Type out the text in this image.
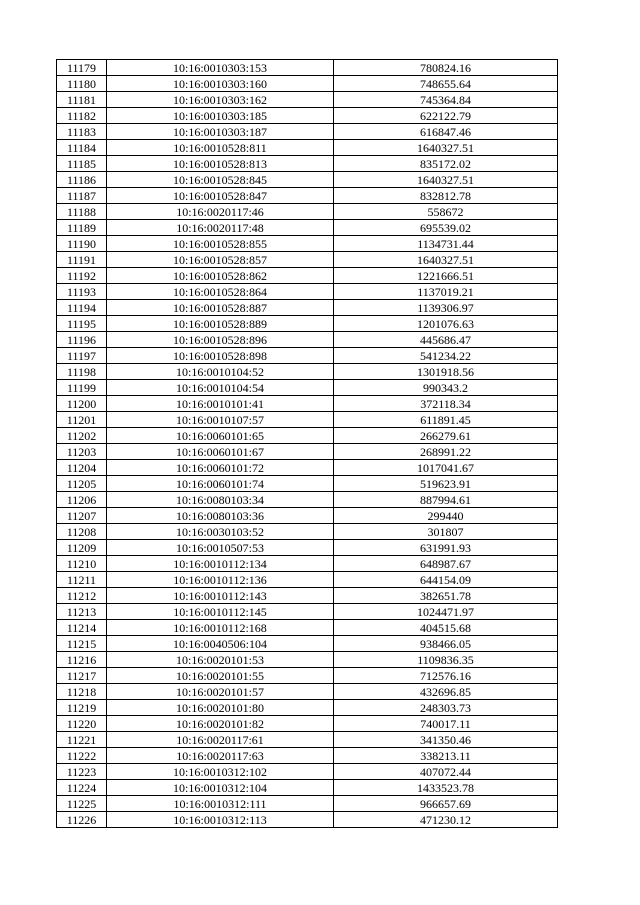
11179	10:16:0010303:153	780824.16
11180	10:16:0010303:160	748655.64
11181	10:16:0010303:162	745364.84
11182	10:16:0010303:185	622122.79
11183	10:16:0010303:187	616847.46
11184	10:16:0010528:811	1640327.51
11185	10:16:0010528:813	835172.02
11186	10:16:0010528:845	1640327.51
11187	10:16:0010528:847	832812.78
11188	10:16:0020117:46	558672
11189	10:16:0020117:48	695539.02
11190	10:16:0010528:855	1134731.44
11191	10:16:0010528:857	1640327.51
11192	10:16:0010528:862	1221666.51
11193	10:16:0010528:864	1137019.21
11194	10:16:0010528:887	1139306.97
11195	10:16:0010528:889	1201076.63
11196	10:16:0010528:896	445686.47
11197	10:16:0010528:898	541234.22
11198	10:16:0010104:52	1301918.56
11199	10:16:0010104:54	990343.2
11200	10:16:0010101:41	372118.34
11201	10:16:0010107:57	611891.45
11202	10:16:0060101:65	266279.61
11203	10:16:0060101:67	268991.22
11204	10:16:0060101:72	1017041.67
11205	10:16:0060101:74	519623.91
11206	10:16:0080103:34	887994.61
11207	10:16:0080103:36	299440
11208	10:16:0030103:52	301807
11209	10:16:0010507:53	631991.93
11210	10:16:0010112:134	648987.67
11211	10:16:0010112:136	644154.09
11212	10:16:0010112:143	382651.78
11213	10:16:0010112:145	1024471.97
11214	10:16:0010112:168	404515.68
11215	10:16:0040506:104	938466.05
11216	10:16:0020101:53	1109836.35
11217	10:16:0020101:55	712576.16
11218	10:16:0020101:57	432696.85
11219	10:16:0020101:80	248303.73
11220	10:16:0020101:82	740017.11
11221	10:16:0020117:61	341350.46
11222	10:16:0020117:63	338213.11
11223	10:16:0010312:102	407072.44
11224	10:16:0010312:104	1433523.78
11225	10:16:0010312:111	966657.69
11226	10:16:0010312:113	471230.12
